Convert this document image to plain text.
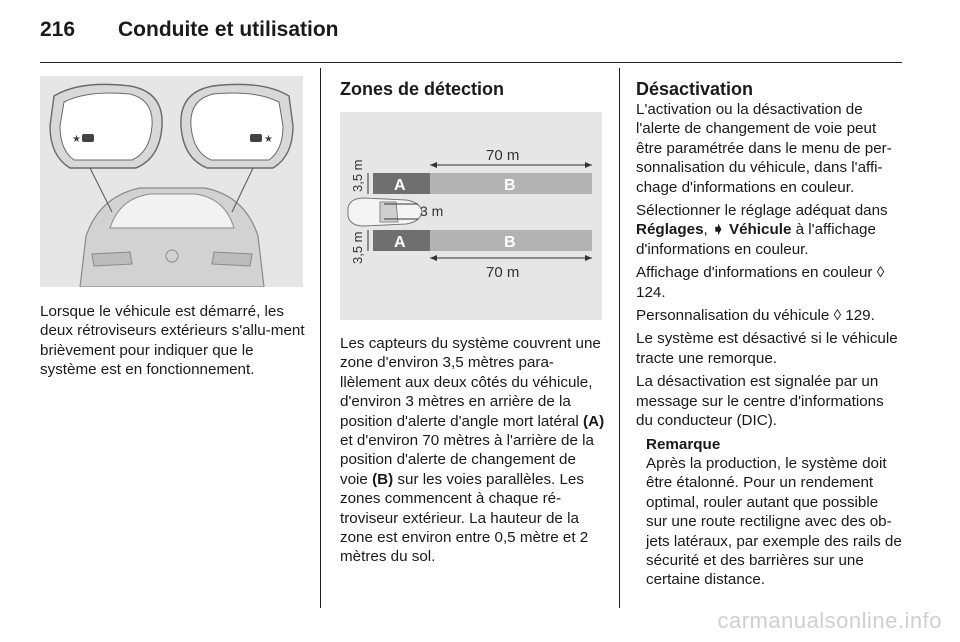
216 Conduite et utilisation
★	★

Lorsque le véhicule est démarré, les deux rétroviseurs extérieurs s'allu-ment brièvement pour indiquer que le système est en fonctionnement.

Zones de détection
70 m
A	B
3,5 m
3 m
A	B
3,5 m
70 m

Les capteurs du système couvrent une zone d'environ 3,5 mètres para-llèlement aux deux côtés du véhicule, d'environ 3 mètres en arrière de la position d'alerte d'angle mort latéral (A) et d'environ 70 mètres à l'arrière de la position d'alerte de changement de voie (B) sur les voies parallèles. Les zones commencent à chaque ré-troviseur extérieur. La hauteur de la zone est environ entre 0,5 mètre et 2 mètres du sol.

Désactivation

L'activation ou la désactivation de l'alerte de changement de voie peut être paramétrée dans le menu de per-sonnalisation du véhicule, dans l'affi-chage d'informations en couleur.

Sélectionner le réglage adéquat dans Réglages, ➧ Véhicule à l'affichage d'informations en couleur.

Affichage d'informations en couleur ◊ 124.

Personnalisation du véhicule ◊ 129.

Le système est désactivé si le véhicule tracte une remorque.

La désactivation est signalée par un message sur le centre d'informations du conducteur (DIC).

Remarque
Après la production, le système doit être étalonné. Pour un rendement optimal, rouler autant que possible sur une route rectiligne avec des ob-jets latéraux, par exemple des rails de sécurité et des barrières sur une certaine distance.
carmanualsonline.info
